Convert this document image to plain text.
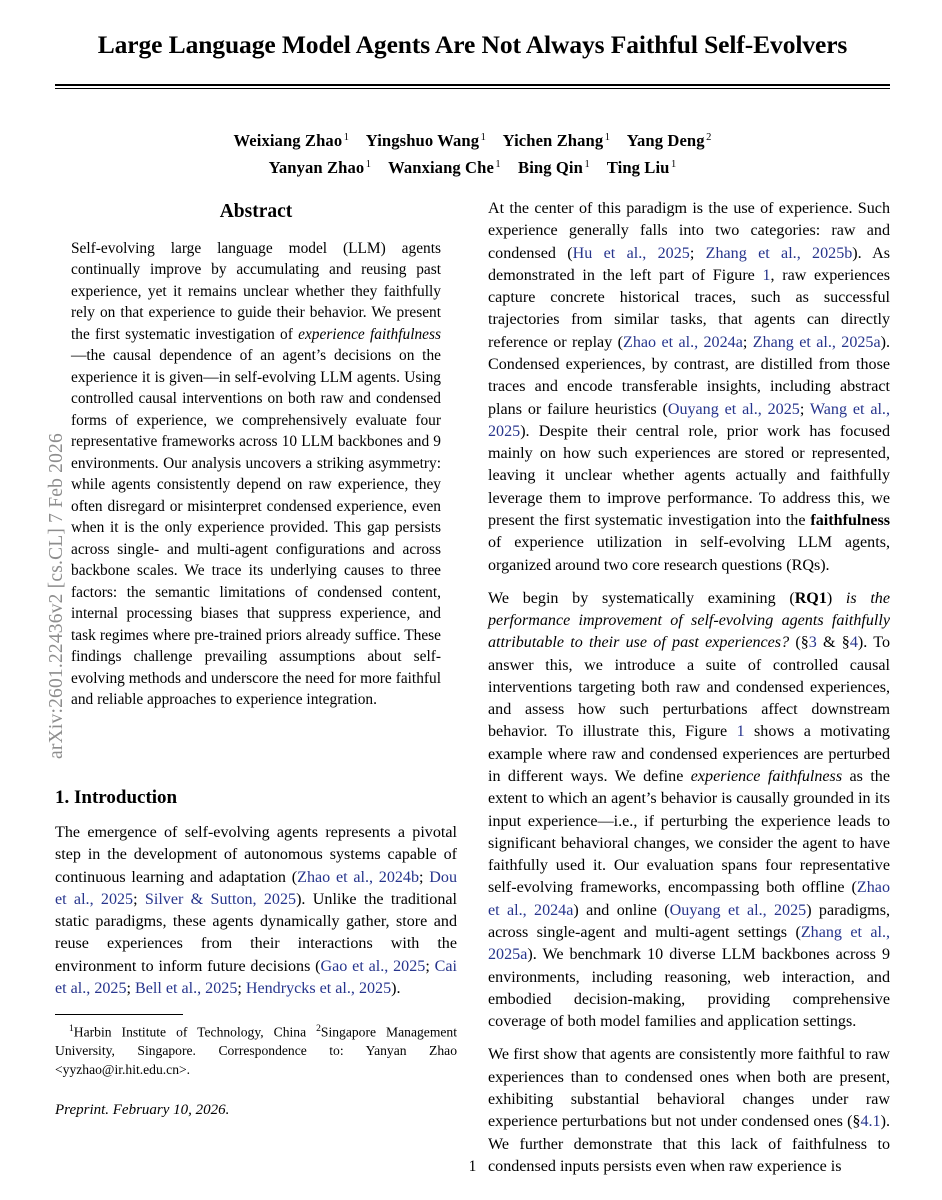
arXiv:2601.22436v2 [cs.CL] 7 Feb 2026
Large Language Model Agents Are Not Always Faithful Self-Evolvers
Weixiang Zhao $^1$ Yingshuo Wang $^1$ Yichen Zhang $^1$ Yang Deng $^2$
Yanyan Zhao $^1$ Wanxiang Che $^1$ Bing Qin $^1$ Ting Liu $^1$
Abstract

Self-evolving large language model (LLM) agents continually improve by accumulating and reusing past experience, yet it remains unclear whether they faithfully rely on that experience to guide their behavior. We present the first systematic investigation of experience faithfulness—the causal dependence of an agent’s decisions on the experience it is given—in self-evolving LLM agents. Using controlled causal interventions on both raw and condensed forms of experience, we comprehensively evaluate four representative frameworks across 10 LLM backbones and 9 environments. Our analysis uncovers a striking asymmetry: while agents consistently depend on raw experience, they often disregard or misinterpret condensed experience, even when it is the only experience provided. This gap persists across single- and multi-agent configurations and across backbone scales. We trace its underlying causes to three factors: the semantic limitations of condensed content, internal processing biases that suppress experience, and task regimes where pre-trained priors already suffice. These findings challenge prevailing assumptions about self-evolving methods and underscore the need for more faithful and reliable approaches to experience integration.

1. Introduction

The emergence of self-evolving agents represents a pivotal step in the development of autonomous systems capable of continuous learning and adaptation (Zhao et al., 2024b; Dou et al., 2025; Silver & Sutton, 2025). Unlike the traditional static paradigms, these agents dynamically gather, store and reuse experiences from their interactions with the environment to inform future decisions (Gao et al., 2025; Cai et al., 2025; Bell et al., 2025; Hendrycks et al., 2025).

$^1$Harbin Institute of Technology, China $^2$Singapore Management University, Singapore. Correspondence to: Yanyan Zhao <yyzhao@ir.hit.edu.cn>.
Preprint. February 10, 2026.

At the center of this paradigm is the use of experience. Such experience generally falls into two categories: raw and condensed (Hu et al., 2025; Zhang et al., 2025b). As demonstrated in the left part of Figure 1, raw experiences capture concrete historical traces, such as successful trajectories from similar tasks, that agents can directly reference or replay (Zhao et al., 2024a; Zhang et al., 2025a). Condensed experiences, by contrast, are distilled from those traces and encode transferable insights, including abstract plans or failure heuristics (Ouyang et al., 2025; Wang et al., 2025). Despite their central role, prior work has focused mainly on how such experiences are stored or represented, leaving it unclear whether agents actually and faithfully leverage them to improve performance. To address this, we present the first systematic investigation into the faithfulness of experience utilization in self-evolving LLM agents, organized around two core research questions (RQs).

We begin by systematically examining (RQ1) is the performance improvement of self-evolving agents faithfully attributable to their use of past experiences? (§3 & §4). To answer this, we introduce a suite of controlled causal interventions targeting both raw and condensed experiences, and assess how such perturbations affect downstream behavior. To illustrate this, Figure 1 shows a motivating example where raw and condensed experiences are perturbed in different ways. We define experience faithfulness as the extent to which an agent’s behavior is causally grounded in its input experience—i.e., if perturbing the experience leads to significant behavioral changes, we consider the agent to have faithfully used it. Our evaluation spans four representative self-evolving frameworks, encompassing both offline (Zhao et al., 2024a) and online (Ouyang et al., 2025) paradigms, across single-agent and multi-agent settings (Zhang et al., 2025a). We benchmark 10 diverse LLM backbones across 9 environments, including reasoning, web interaction, and embodied decision-making, providing comprehensive coverage of both model families and application settings.

We first show that agents are consistently more faithful to raw experiences than to condensed ones when both are present, exhibiting substantial behavioral changes under raw experience perturbations but not under condensed ones (§4.1). We further demonstrate that this lack of faithfulness to condensed inputs persists even when raw experience is

1
